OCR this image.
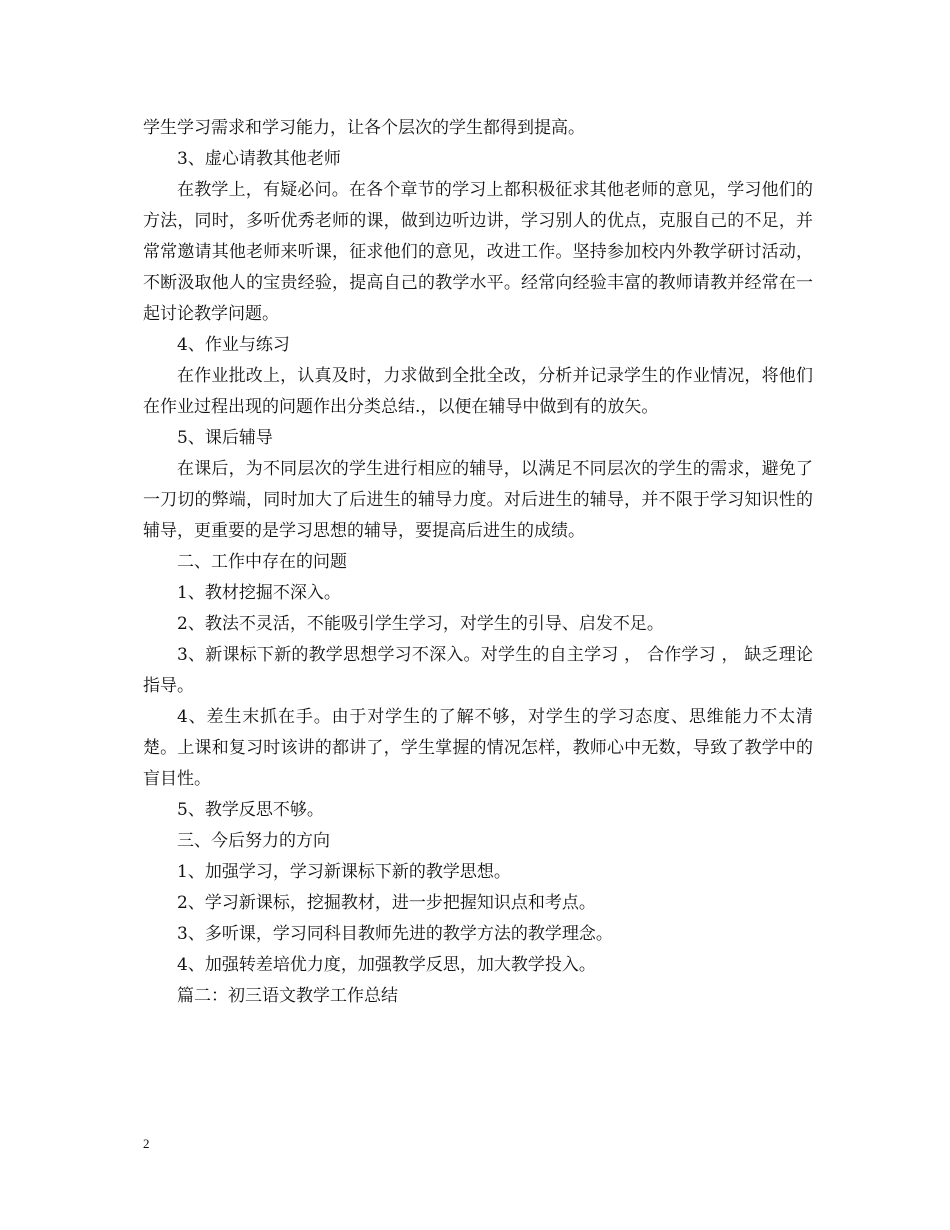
学生学习需求和学习能力，让各个层次的学生都得到提高。

3、虚心请教其他老师

在教学上，有疑必问。在各个章节的学习上都积极征求其他老师的意见，学习他们的方法，同时，多听优秀老师的课，做到边听边讲，学习别人的优点，克服自己的不足，并常常邀请其他老师来听课，征求他们的意见，改进工作。坚持参加校内外教学研讨活动，不断汲取他人的宝贵经验，提高自己的教学水平。经常向经验丰富的教师请教并经常在一起讨论教学问题。

4、作业与练习

在作业批改上，认真及时，力求做到全批全改，分析并记录学生的作业情况，将他们在作业过程出现的问题作出分类总结.，以便在辅导中做到有的放矢。

5、课后辅导

在课后，为不同层次的学生进行相应的辅导，以满足不同层次的学生的需求，避免了一刀切的弊端，同时加大了后进生的辅导力度。对后进生的辅导，并不限于学习知识性的辅导，更重要的是学习思想的辅导，要提高后进生的成绩。

二、工作中存在的问题

1、教材挖掘不深入。

2、教法不灵活，不能吸引学生学习，对学生的引导、启发不足。

3、新课标下新的教学思想学习不深入。对学生的自主学习 ， 合作学习 ， 缺乏理论指导。

4、差生末抓在手。由于对学生的了解不够，对学生的学习态度、思维能力不太清楚。上课和复习时该讲的都讲了，学生掌握的情况怎样，教师心中无数，导致了教学中的盲目性。

5、教学反思不够。

三、今后努力的方向

1、加强学习，学习新课标下新的教学思想。

2、学习新课标，挖掘教材，进一步把握知识点和考点。

3、多听课，学习同科目教师先进的教学方法的教学理念。

4、加强转差培优力度，加强教学反思，加大教学投入。

篇二：初三语文教学工作总结

2
